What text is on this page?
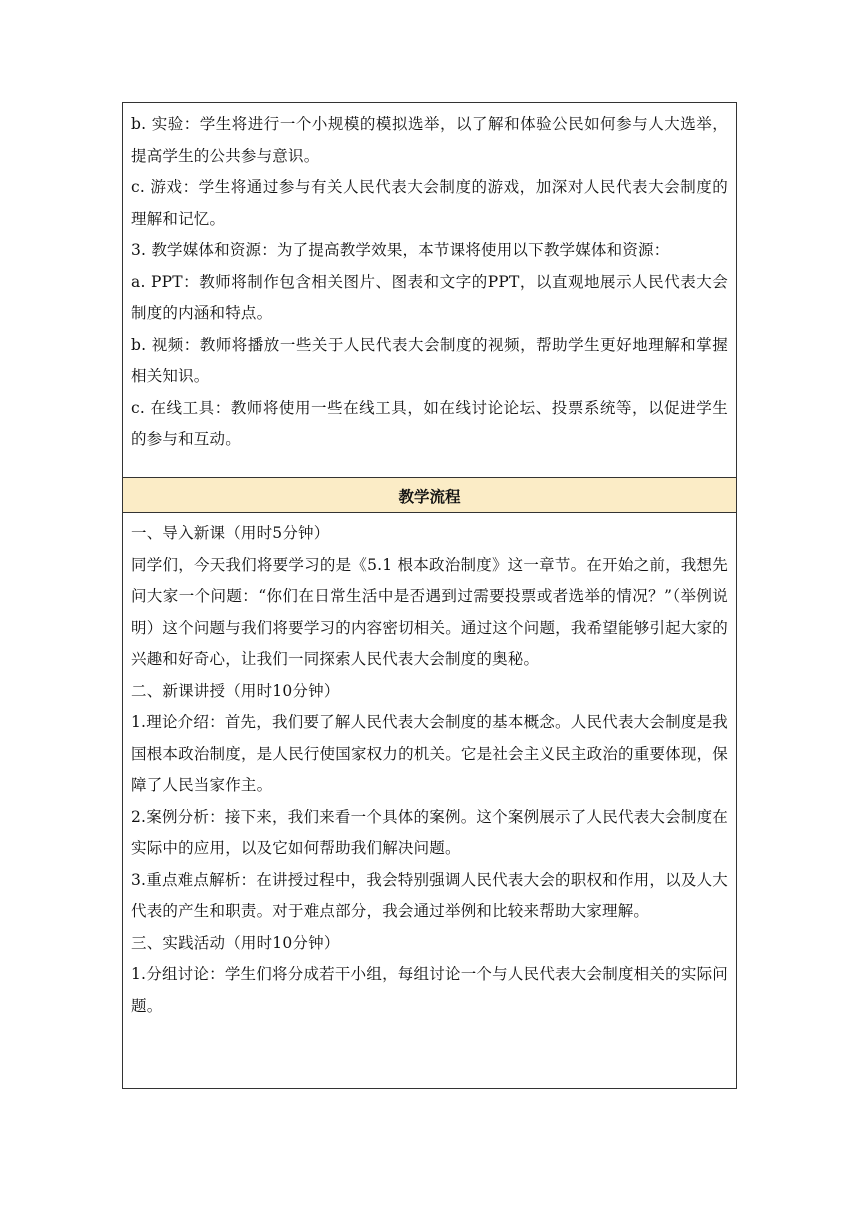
b. 实验：学生将进行一个小规模的模拟选举，以了解和体验公民如何参与人大选举，提高学生的公共参与意识。

c. 游戏：学生将通过参与有关人民代表大会制度的游戏，加深对人民代表大会制度的理解和记忆。

3. 教学媒体和资源：为了提高教学效果，本节课将使用以下教学媒体和资源：

a. PPT：教师将制作包含相关图片、图表和文字的PPT，以直观地展示人民代表大会制度的内涵和特点。

b. 视频：教师将播放一些关于人民代表大会制度的视频，帮助学生更好地理解和掌握相关知识。

c. 在线工具：教师将使用一些在线工具，如在线讨论论坛、投票系统等，以促进学生的参与和互动。

教学流程

一、导入新课（用时5分钟）

同学们，今天我们将要学习的是《5.1 根本政治制度》这一章节。在开始之前，我想先问大家一个问题：“你们在日常生活中是否遇到过需要投票或者选举的情况？”（举例说明）这个问题与我们将要学习的内容密切相关。通过这个问题，我希望能够引起大家的兴趣和好奇心，让我们一同探索人民代表大会制度的奥秘。

二、新课讲授（用时10分钟）

1.理论介绍：首先，我们要了解人民代表大会制度的基本概念。人民代表大会制度是我国根本政治制度，是人民行使国家权力的机关。它是社会主义民主政治的重要体现，保障了人民当家作主。

2.案例分析：接下来，我们来看一个具体的案例。这个案例展示了人民代表大会制度在实际中的应用，以及它如何帮助我们解决问题。

3.重点难点解析：在讲授过程中，我会特别强调人民代表大会的职权和作用，以及人大代表的产生和职责。对于难点部分，我会通过举例和比较来帮助大家理解。

三、实践活动（用时10分钟）

1.分组讨论：学生们将分成若干小组，每组讨论一个与人民代表大会制度相关的实际问题。
